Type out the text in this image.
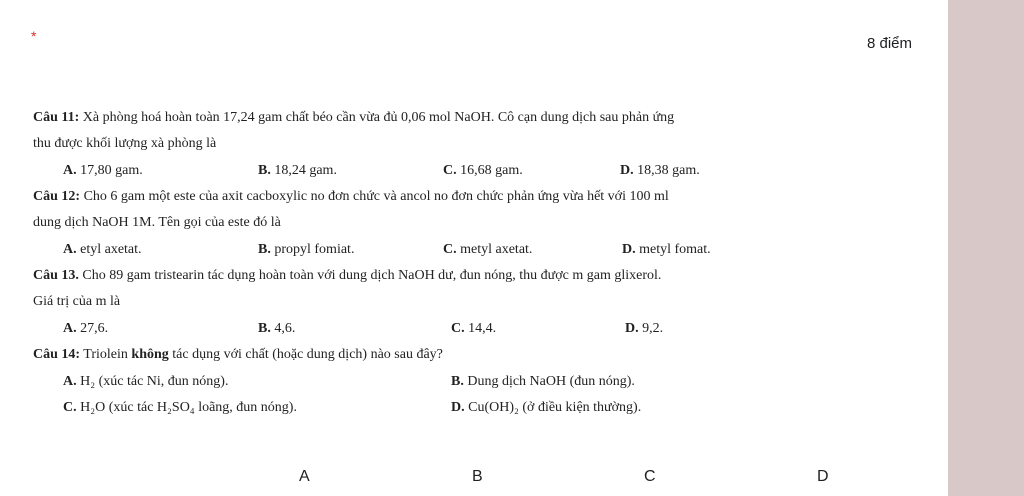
*	8 điểm
Câu 11: Xà phòng hoá hoàn toàn 17,24 gam chất béo cần vừa đủ 0,06 mol NaOH. Cô cạn dung dịch sau phản ứng
thu được khối lượng xà phòng là
A. 17,80 gam.	B. 18,24 gam.	C. 16,68 gam.	D. 18,38 gam.
Câu 12: Cho 6 gam một este của axit cacboxylic no đơn chức và ancol no đơn chức phản ứng vừa hết với 100 ml
dung dịch NaOH 1M. Tên gọi của este đó là
A. etyl axetat.	B. propyl fomiat.	C. metyl axetat.	D. metyl fomat.
Câu 13. Cho 89 gam tristearin tác dụng hoàn toàn với dung dịch NaOH dư, đun nóng, thu được m gam glixerol.
Giá trị của m là
A. 27,6.	B. 4,6.	C. 14,4.	D. 9,2.
Câu 14: Triolein không tác dụng với chất (hoặc dung dịch) nào sau đây?
A. H₂ (xúc tác Ni, đun nóng).	B. Dung dịch NaOH (đun nóng).
C. H₂O (xúc tác H₂SO₄ loãng, đun nóng).	D. Cu(OH)₂ (ở điều kiện thường).
A	B	C	D
